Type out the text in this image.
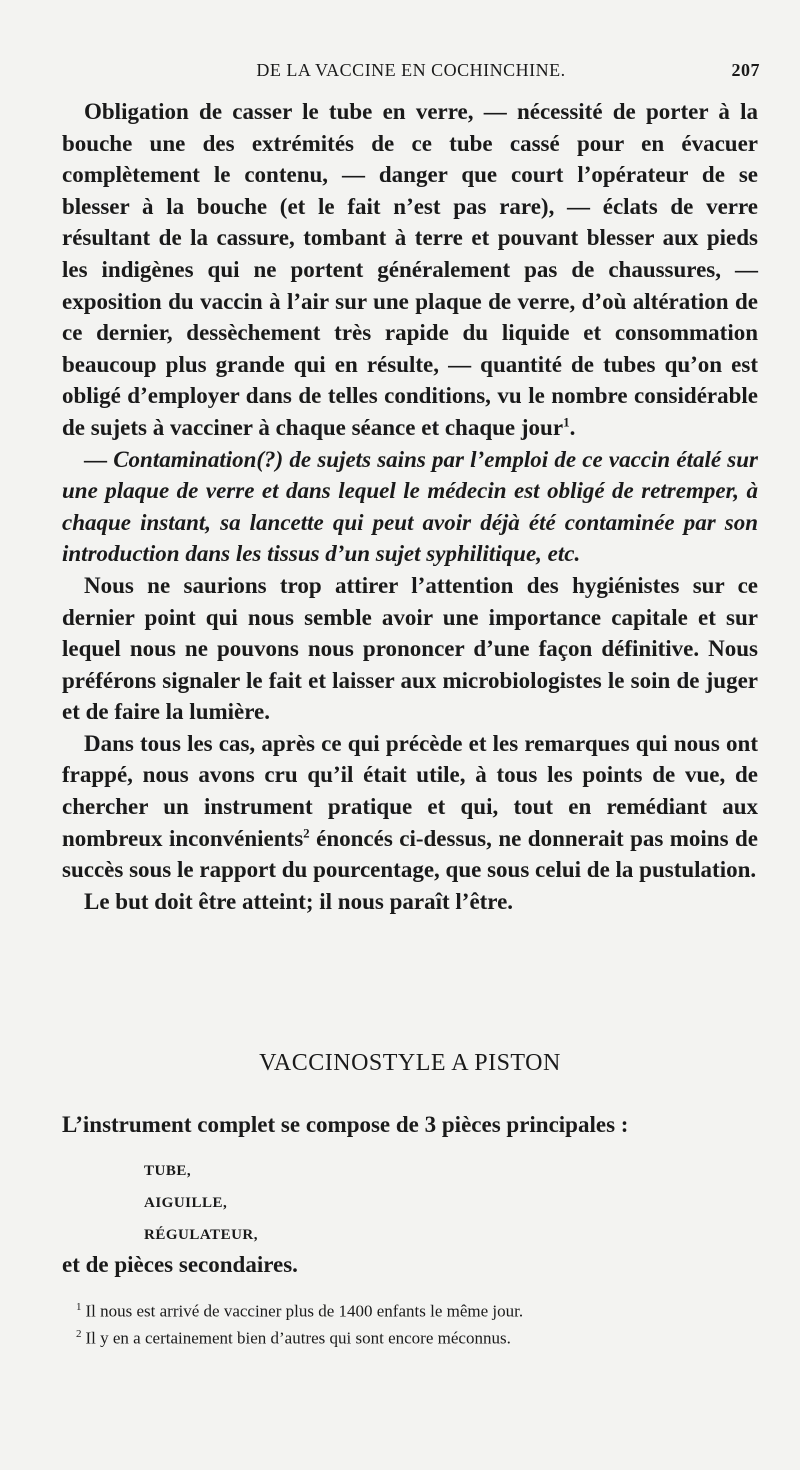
DE LA VACCINE EN COCHINCHINE.	207

Obligation de casser le tube en verre, — nécessité de porter à la bouche une des extrémités de ce tube cassé pour en évacuer complètement le contenu, — danger que court l’opérateur de se blesser à la bouche (et le fait n’est pas rare), — éclats de verre résultant de la cassure, tombant à terre et pouvant blesser aux pieds les indigènes qui ne portent généralement pas de chaussures, — exposition du vaccin à l’air sur une plaque de verre, d’où altération de ce dernier, dessèchement très rapide du liquide et consommation beaucoup plus grande qui en résulte, — quantité de tubes qu’on est obligé d’employer dans de telles conditions, vu le nombre considérable de sujets à vacciner à chaque séance et chaque jour$^1$.

— Contamination(?) de sujets sains par l’emploi de ce vaccin étalé sur une plaque de verre et dans lequel le médecin est obligé de retremper, à chaque instant, sa lancette qui peut avoir déjà été contaminée par son introduction dans les tissus d’un sujet syphilitique, etc.

Nous ne saurions trop attirer l’attention des hygiénistes sur ce dernier point qui nous semble avoir une importance capitale et sur lequel nous ne pouvons nous prononcer d’une façon définitive. Nous préférons signaler le fait et laisser aux microbiologistes le soin de juger et de faire la lumière.

Dans tous les cas, après ce qui précède et les remarques qui nous ont frappé, nous avons cru qu’il était utile, à tous les points de vue, de chercher un instrument pratique et qui, tout en remédiant aux nombreux inconvénients$^2$ énoncés ci-dessus, ne donnerait pas moins de succès sous le rapport du pourcentage, que sous celui de la pustulation.

Le but doit être atteint; il nous paraît l’être.

VACCINOSTYLE A PISTON
L’instrument complet se compose de 3 pièces principales :
TUBE,
AIGUILLE,
RÉGULATEUR,
et de pièces secondaires.
$^1$ Il nous est arrivé de vacciner plus de 1400 enfants le même jour.
$^2$ Il y en a certainement bien d’autres qui sont encore méconnus.
